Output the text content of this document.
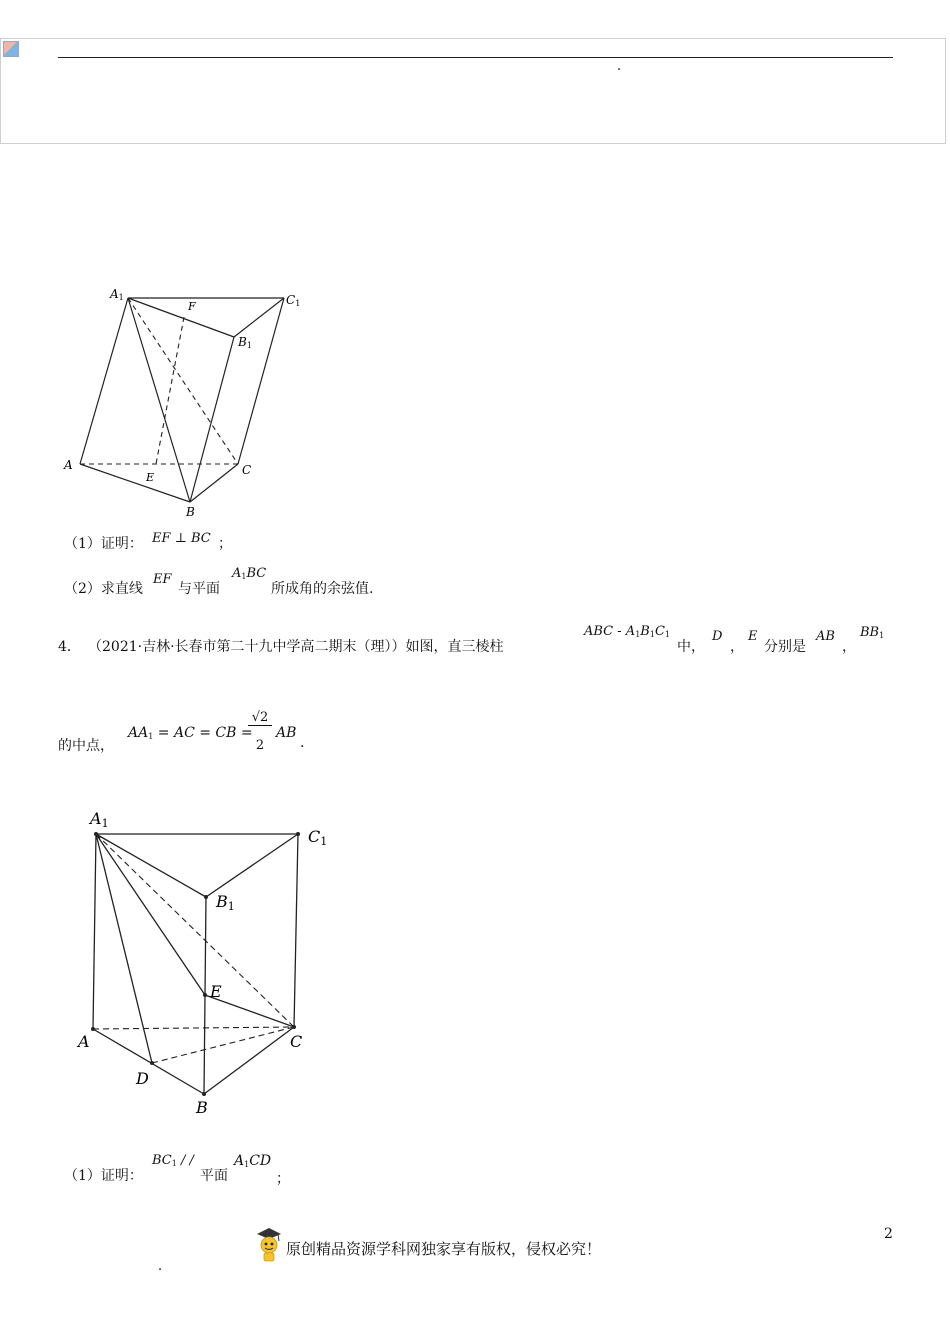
•
A1
F	C1
B1
A
E
C
B
（1）证明： EF ⊥ BC ；
（2）求直线
EF
与平面
$A_1BC$
所成角的余弦值.
4． （2021·吉林·长春市第二十九中学高二期末（理））如图，直三棱柱
ABC - $A_1B_1C_1$
中，
D
，
E
分别是
AB
，
$BB_1$
的中点，
$AA_1$ = AC = CB =
√2
2
AB
.
A1
C1
B1
E
A	C
D
B
（1）证明：
$BC_1$ / /
平面
$A_1CD$
；
2
原创精品资源学科网独家享有版权，侵权必究！
•
